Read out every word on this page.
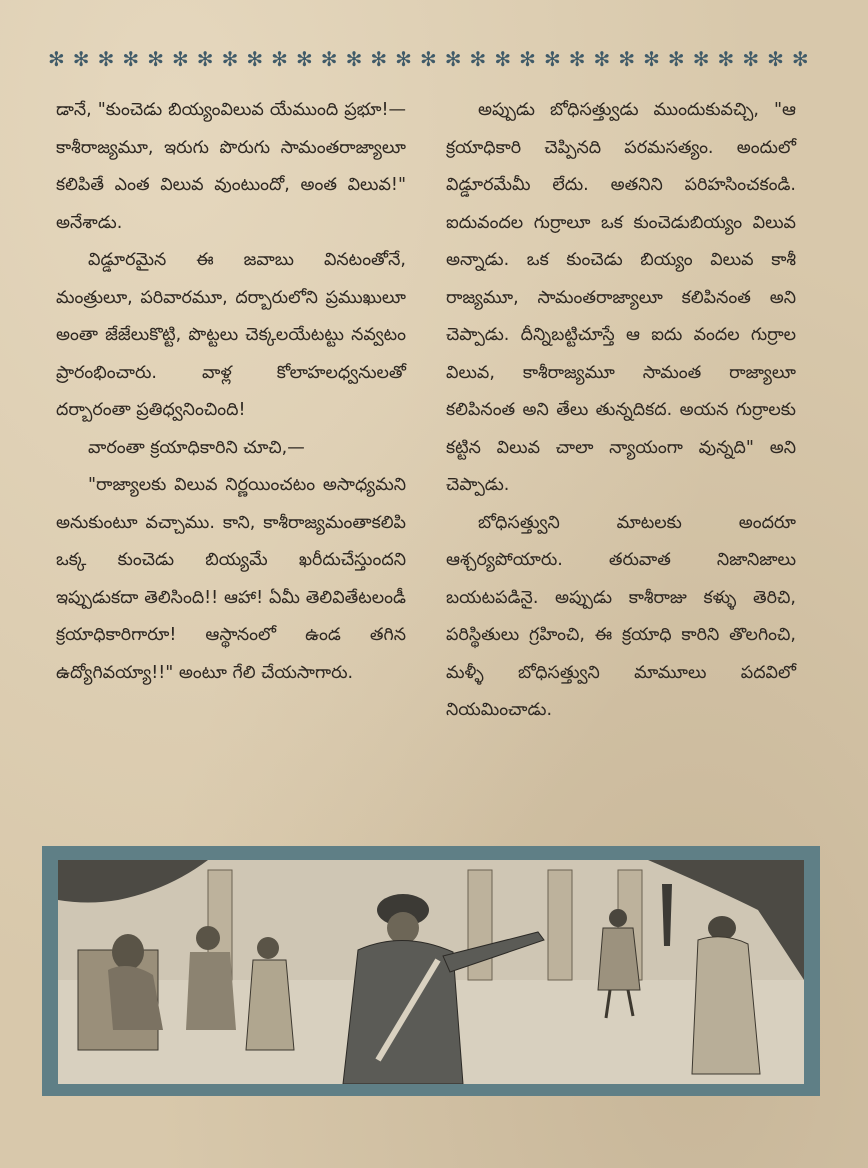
✻ ✻ ✻ ✻ ✻ ✻ ✻ ✻ ✻ ✻ ✻ ✻ ✻ ✻ ✻ ✻ ✻ ✻ ✻ ✻ ✻ ✻ ✻ ✻ ✻ ✻ ✻ ✻ ✻ ✻ ✻

డానే, "కుంచెడు బియ్యంవిలువ యేముంది ప్రభూ!—కాశీరాజ్యమూ, ఇరుగు పొరుగు సామంతరాజ్యాలూ కలిపితే ఎంత విలువ వుంటుందో, అంత విలువ!" అనేశాడు.

విడ్డూరమైన ఈ జవాబు వినటంతోనే, మంత్రులూ, పరివారమూ, దర్బారులోని ప్రముఖులూ అంతా జేజేలుకొట్టి, పొట్టలు చెక్కలయేటట్టు నవ్వటం ప్రారంభించారు. వాళ్ల కోలాహలధ్వనులతో దర్బారంతా ప్రతిధ్వనించింది!

వారంతా క్రయాధికారిని చూచి,—

"రాజ్యాలకు విలువ నిర్ణయించటం అసాధ్యమని అనుకుంటూ వచ్చాము. కాని, కాశీరాజ్యమంతాకలిపి ఒక్క కుంచెడు బియ్యమే ఖరీదుచేస్తుందని ఇప్పుడుకదా తెలిసింది!! ఆహా! ఏమీ తెలివితేటలండీ క్రయాధికారిగారూ! ఆస్థానంలో ఉండ తగిన ఉద్యోగివయ్యా!!" అంటూ గేలి చేయసాగారు.

అప్పుడు బోధిసత్త్వుడు ముందుకువచ్చి, "ఆ క్రయాధికారి చెప్పినది పరమసత్యం. అందులో విడ్డూరమేమీ లేదు. అతనిని పరిహసించకండి. ఐదువందల గుర్రాలూ ఒక కుంచెడుబియ్యం విలువ అన్నాడు. ఒక కుంచెడు బియ్యం విలువ కాశీ రాజ్యమూ, సామంతరాజ్యాలూ కలిపినంత అని చెప్పాడు. దీన్నిబట్టిచూస్తే ఆ ఐదు వందల గుర్రాల విలువ, కాశీరాజ్యమూ సామంత రాజ్యాలూ కలిపినంత అని తేలు తున్నదికద. అయన గుర్రాలకు కట్టిన విలువ చాలా న్యాయంగా వున్నది" అని చెప్పాడు.

బోధిసత్త్వుని మాటలకు అందరూ ఆశ్చర్యపోయారు. తరువాత నిజానిజాలు బయటపడినై. అప్పుడు కాశీరాజు కళ్ళు తెరిచి, పరిస్థితులు గ్రహించి, ఈ క్రయాధి కారిని తొలగించి, మళ్ళీ బోధిసత్త్వుని మామూలు పదవిలో నియమించాడు.
